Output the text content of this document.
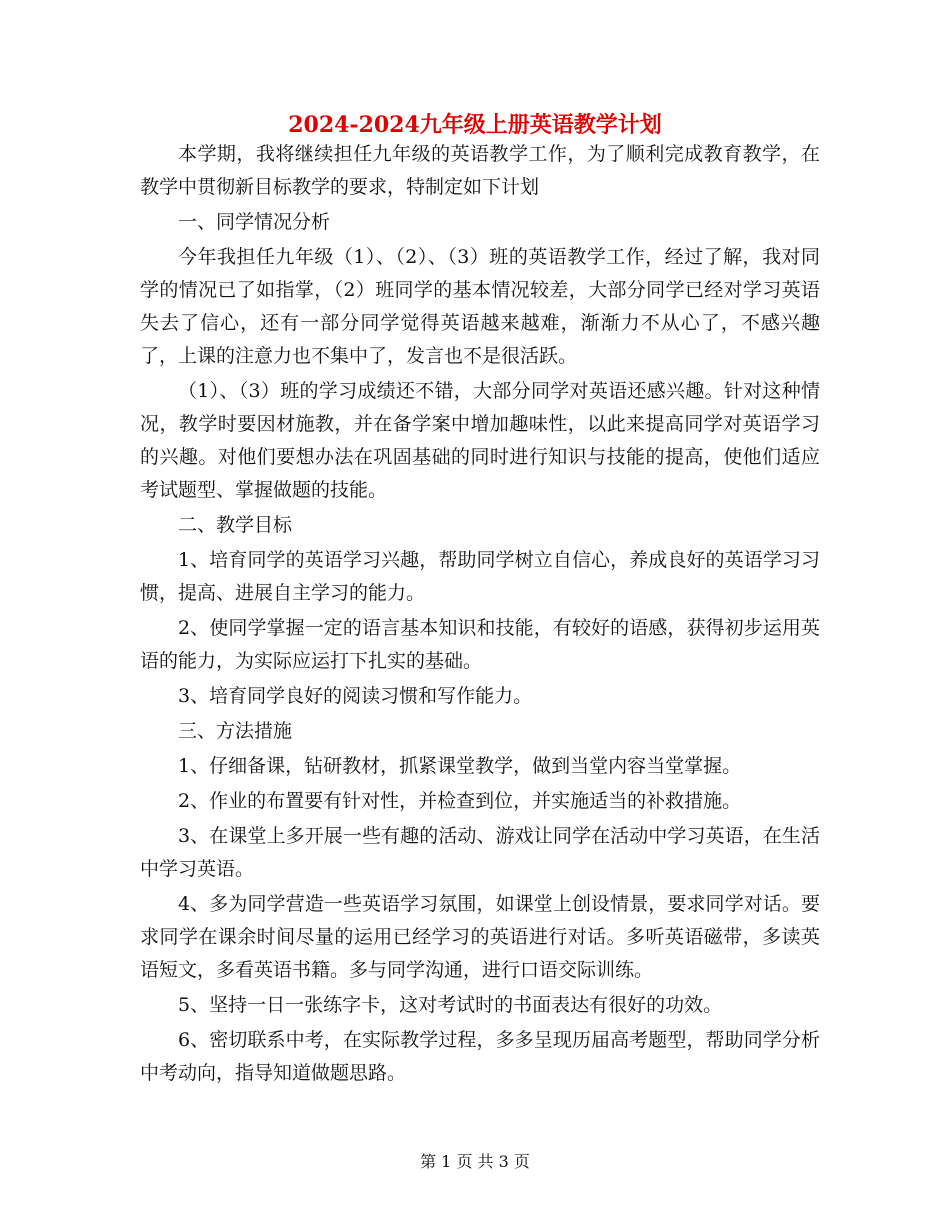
2024-2024九年级上册英语教学计划

本学期，我将继续担任九年级的英语教学工作，为了顺利完成教育教学，在教学中贯彻新目标教学的要求，特制定如下计划

一、同学情况分析

今年我担任九年级（1）、（2）、（3）班的英语教学工作，经过了解，我对同学的情况已了如指掌，（2）班同学的基本情况较差，大部分同学已经对学习英语失去了信心，还有一部分同学觉得英语越来越难，渐渐力不从心了，不感兴趣了，上课的注意力也不集中了，发言也不是很活跃。

（1）、（3）班的学习成绩还不错，大部分同学对英语还感兴趣。针对这种情况，教学时要因材施教，并在备学案中增加趣味性，以此来提高同学对英语学习的兴趣。对他们要想办法在巩固基础的同时进行知识与技能的提高，使他们适应考试题型、掌握做题的技能。

二、教学目标

1、培育同学的英语学习兴趣，帮助同学树立自信心，养成良好的英语学习习惯，提高、进展自主学习的能力。

2、使同学掌握一定的语言基本知识和技能，有较好的语感，获得初步运用英语的能力，为实际应运打下扎实的基础。

3、培育同学良好的阅读习惯和写作能力。

三、方法措施

1、仔细备课，钻研教材，抓紧课堂教学，做到当堂内容当堂掌握。

2、作业的布置要有针对性，并检查到位，并实施适当的补救措施。

3、在课堂上多开展一些有趣的活动、游戏让同学在活动中学习英语，在生活中学习英语。

4、多为同学营造一些英语学习氛围，如课堂上创设情景，要求同学对话。要求同学在课余时间尽量的运用已经学习的英语进行对话。多听英语磁带，多读英语短文，多看英语书籍。多与同学沟通，进行口语交际训练。

5、坚持一日一张练字卡，这对考试时的书面表达有很好的功效。

6、密切联系中考，在实际教学过程，多多呈现历届高考题型，帮助同学分析中考动向，指导知道做题思路。

第 1 页 共 3 页
